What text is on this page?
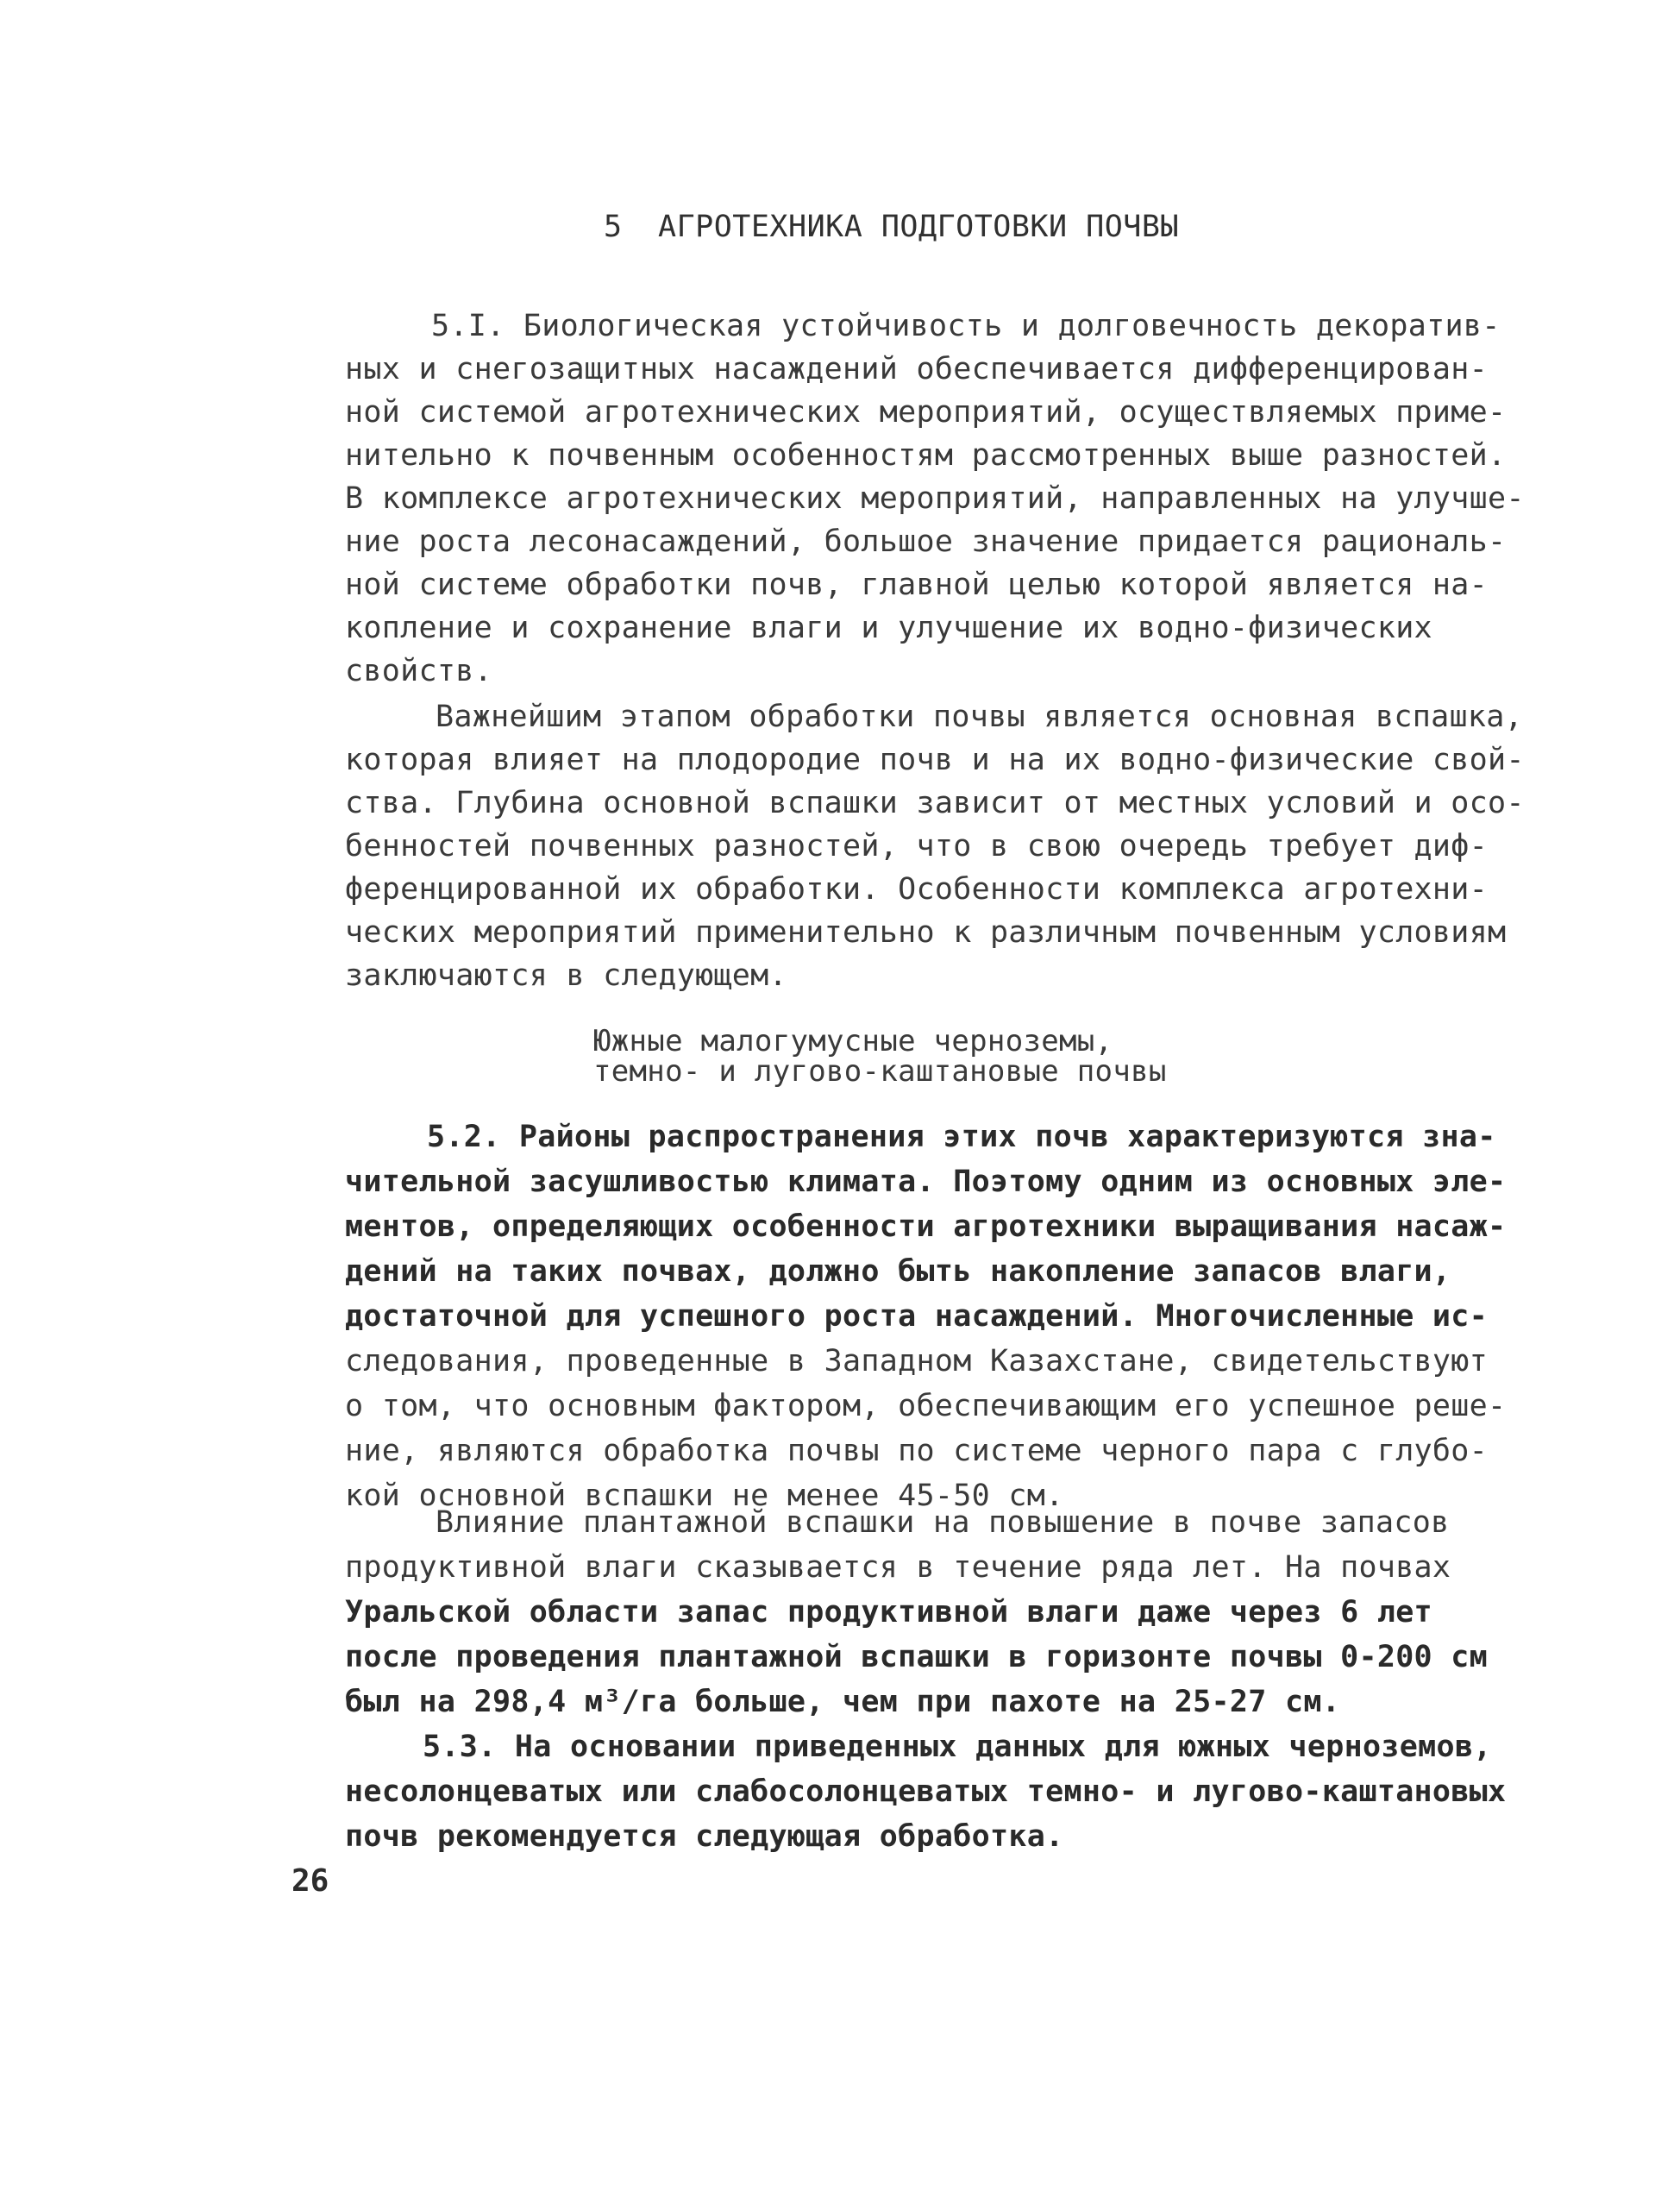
5 АГРОТЕХНИКА ПОДГОТОВКИ ПОЧВЫ
5.I. Биологическая устойчивость и долговечность декоратив-
ных и снегозащитных насаждений обеспечивается дифференцирован-
ной системой агротехнических мероприятий, осуществляемых приме-
нительно к почвенным особенностям рассмотренных выше разностей.
В комплексе агротехнических мероприятий, направленных на улучше-
ние роста лесонасаждений, большое значение придается рациональ-
ной системе обработки почв, главной целью которой является на-
копление и сохранение влаги и улучшение их водно-физических
свойств.
Важнейшим этапом обработки почвы является основная вспашка,
которая влияет на плодородие почв и на их водно-физические свой-
ства. Глубина основной вспашки зависит от местных условий и осо-
бенностей почвенных разностей, что в свою очередь требует диф-
ференцированной их обработки. Особенности комплекса агротехни-
ческих мероприятий применительно к различным почвенным условиям
заключаются в следующем.
Южные малогумусные черноземы,
темно- и лугово-каштановые почвы
5.2. Районы распространения этих почв характеризуются зна-
чительной засушливостью климата. Поэтому одним из основных эле-
ментов, определяющих особенности агротехники выращивания насаж-
дений на таких почвах, должно быть накопление запасов влаги,
достаточной для успешного роста насаждений. Многочисленные ис-
следования, проведенные в Западном Казахстане, свидетельствуют
о том, что основным фактором, обеспечивающим его успешное реше-
ние, являются обработка почвы по системе черного пара с глубо-
кой основной вспашки не менее 45-50 см.
Влияние плантажной вспашки на повышение в почве запасов
продуктивной влаги сказывается в течение ряда лет. На почвах
Уральской области запас продуктивной влаги даже через 6 лет
после проведения плантажной вспашки в горизонте почвы 0-200 см
был на 298,4 м³/га больше, чем при пахоте на 25-27 см.
5.3. На основании приведенных данных для южных черноземов,
несолонцеватых или слабосолонцеватых темно- и лугово-каштановых
почв рекомендуется следующая обработка.
26
